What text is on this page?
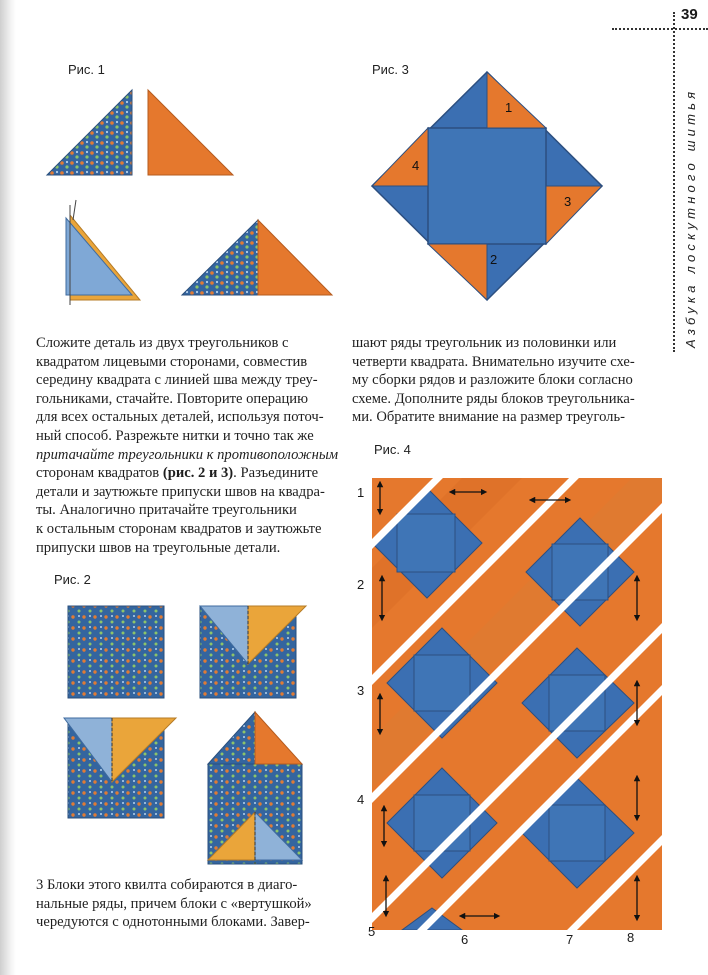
39
Азбука лоскутного шитья
Рис. 1	Рис. 3
1
2
3
4

Сложите деталь из двух треугольников с
квадратом лицевыми сторонами, совместив
середину квадрата с линией шва между треу-
гольниками, стачайте. Повторите операцию
для всех остальных деталей, используя поточ-
ный способ. Разрежьте нитки и точно так же
притачайте треугольники к противоположным
сторонам квадратов (рис. 2 и 3). Разъедините
детали и заутюжьте припуски швов на квадра-
ты. Аналогично притачайте треугольники
к остальным сторонам квадратов и заутюжьте
припуски швов на треугольные детали.

шают ряды треугольник из половинки или
четверти квадрата. Внимательно изучите схе-
му сборки рядов и разложите блоки согласно
схеме. Дополните ряды блоков треугольника-
ми. Обратите внимание на размер треуголь-

Рис. 2

3 Блоки этого квилта собираются в диаго-
нальные ряды, причем блоки с «вертушкой»
чередуются с однотонными блоками. Завер-

Рис. 4
1
2
3
4
5
6	7	8
